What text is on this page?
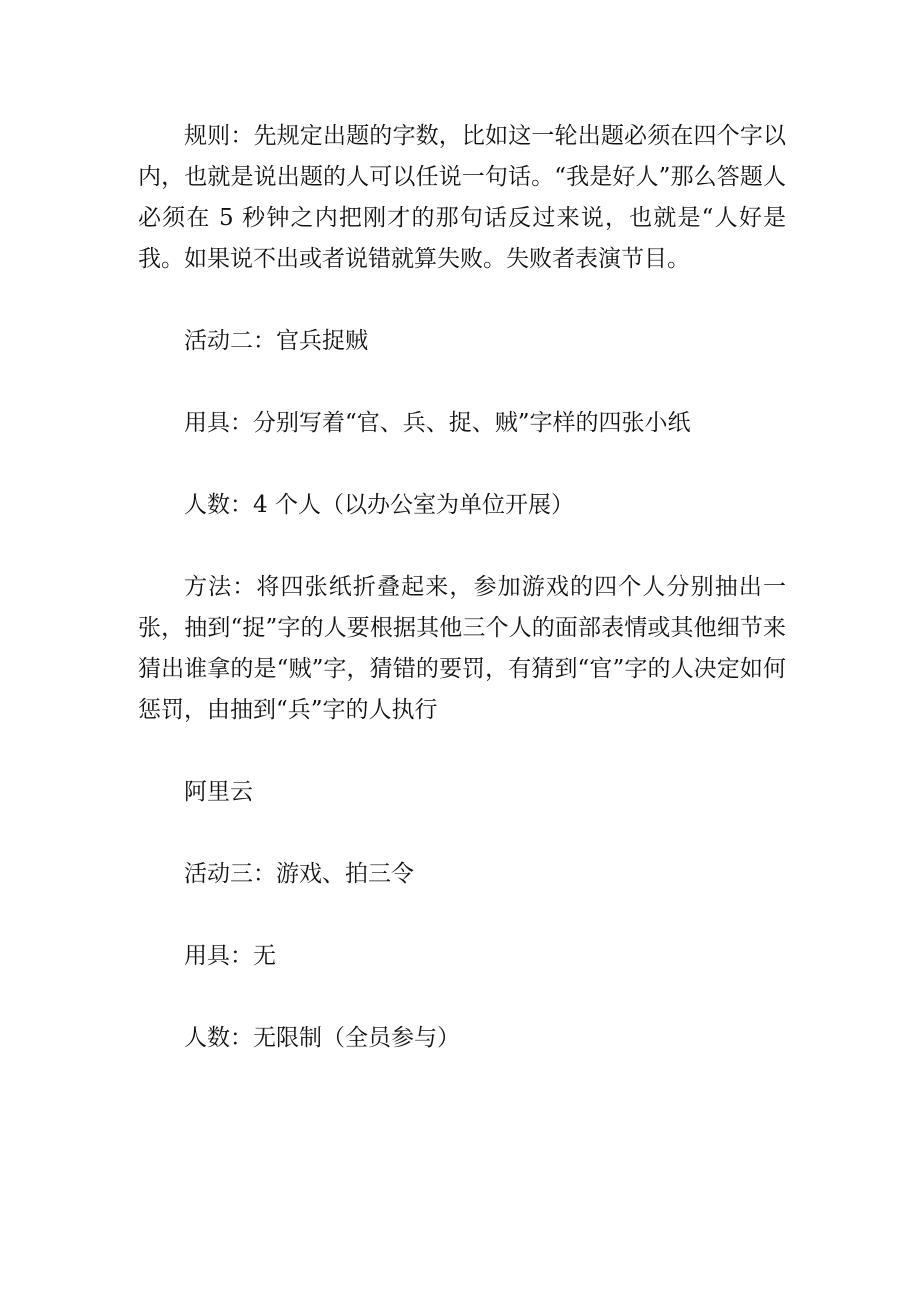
规则：先规定出题的字数，比如这一轮出题必须在四个字以内，也就是说出题的人可以任说一句话。“我是好人”那么答题人必须在 5 秒钟之内把刚才的那句话反过来说，也就是“人好是我。如果说不出或者说错就算失败。失败者表演节目。

活动二：官兵捉贼

用具：分别写着“官、兵、捉、贼”字样的四张小纸

人数：4 个人（以办公室为单位开展）

方法：将四张纸折叠起来，参加游戏的四个人分别抽出一张，抽到“捉”字的人要根据其他三个人的面部表情或其他细节来猜出谁拿的是“贼”字，猜错的要罚，有猜到“官”字的人决定如何惩罚，由抽到“兵”字的人执行

阿里云

活动三：游戏、拍三令

用具：无

人数：无限制（全员参与）
